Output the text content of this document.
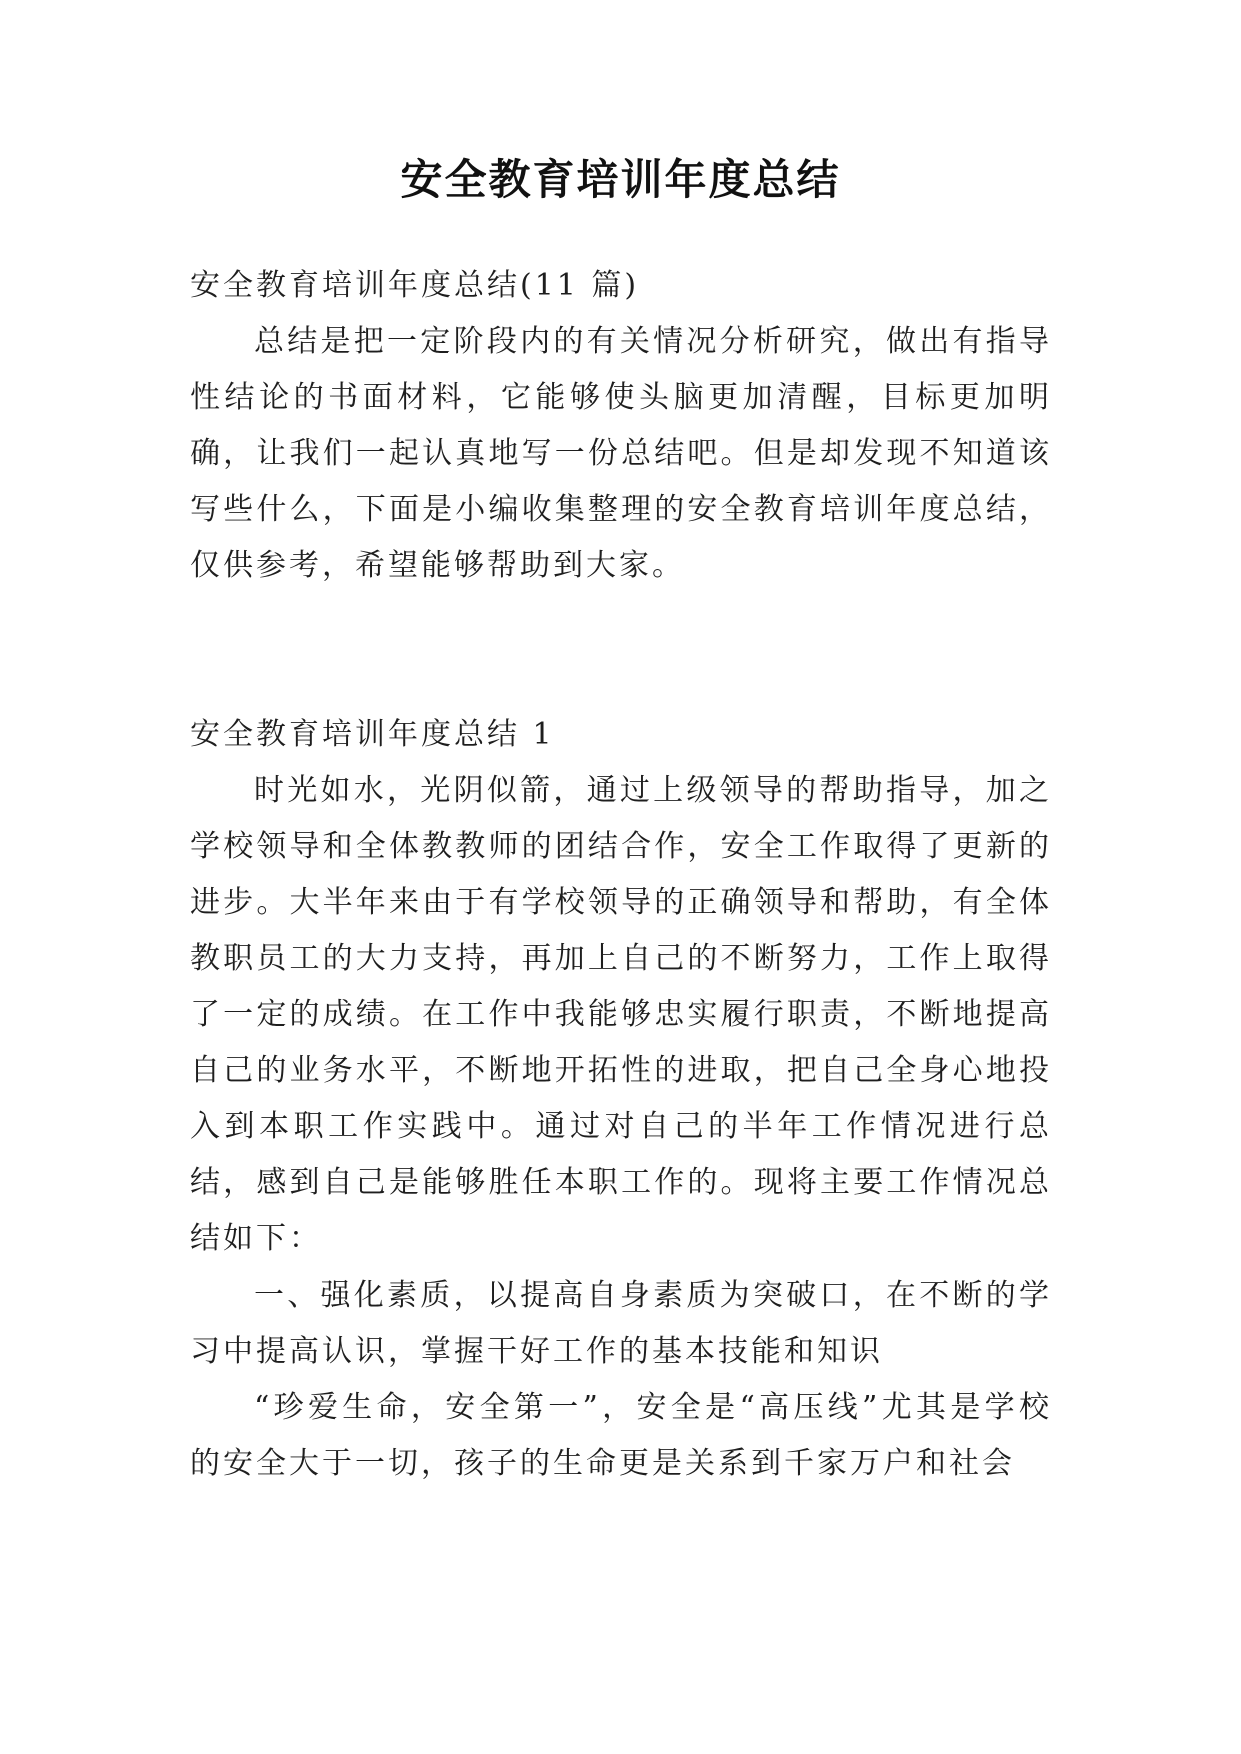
安全教育培训年度总结

安全教育培训年度总结(11 篇)

总结是把一定阶段内的有关情况分析研究，做出有指导性结论的书面材料，它能够使头脑更加清醒，目标更加明确，让我们一起认真地写一份总结吧。但是却发现不知道该写些什么，下面是小编收集整理的安全教育培训年度总结，仅供参考，希望能够帮助到大家。

安全教育培训年度总结 1

时光如水，光阴似箭，通过上级领导的帮助指导，加之学校领导和全体教教师的团结合作，安全工作取得了更新的进步。大半年来由于有学校领导的正确领导和帮助，有全体教职员工的大力支持，再加上自己的不断努力，工作上取得了一定的成绩。在工作中我能够忠实履行职责，不断地提高自己的业务水平，不断地开拓性的进取，把自己全身心地投入到本职工作实践中。通过对自己的半年工作情况进行总结，感到自己是能够胜任本职工作的。现将主要工作情况总结如下：

一、强化素质，以提高自身素质为突破口，在不断的学习中提高认识，掌握干好工作的基本技能和知识

“珍爱生命，安全第一”，安全是“高压线”尤其是学校的安全大于一切，孩子的生命更是关系到千家万户和社会
